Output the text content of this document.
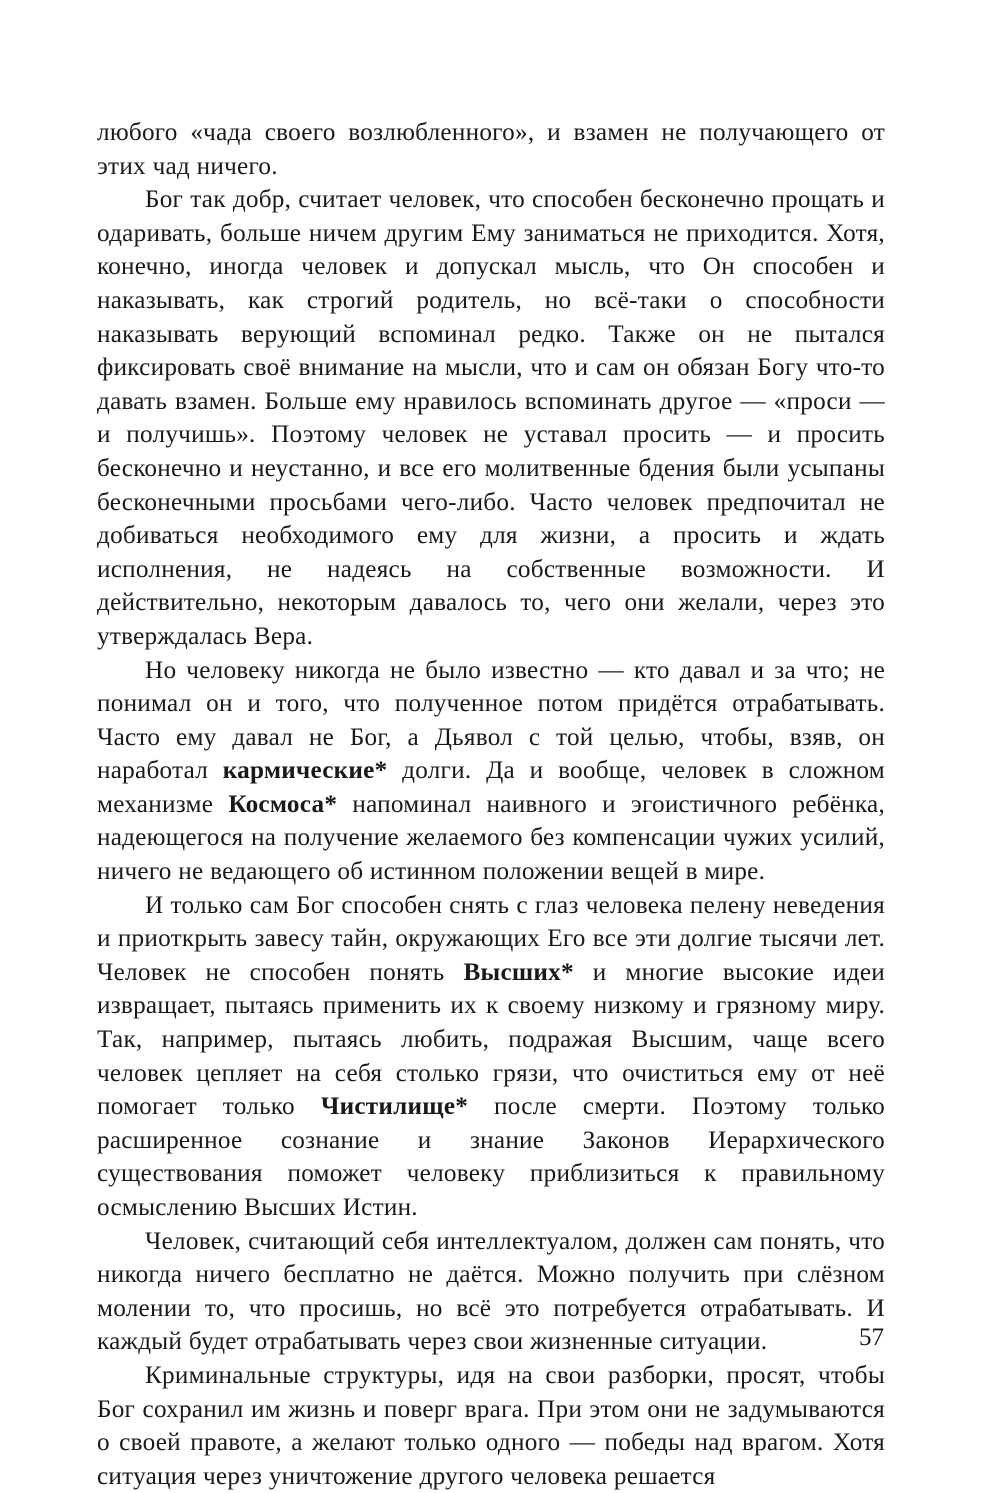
любого «чада своего возлюбленного», и взамен не получающего от этих чад ничего.

Бог так добр, считает человек, что способен бесконечно прощать и одаривать, больше ничем другим Ему заниматься не приходится. Хотя, конечно, иногда человек и допускал мысль, что Он способен и наказывать, как строгий родитель, но всё-таки о способности наказывать верующий вспоминал редко. Также он не пытался фиксировать своё внимание на мысли, что и сам он обязан Богу что-то давать взамен. Больше ему нравилось вспоминать другое — «проси — и получишь». Поэтому человек не уставал просить — и просить бесконечно и неустанно, и все его молитвенные бдения были усыпаны бесконечными просьбами чего-либо. Часто человек предпочитал не добиваться необходимого ему для жизни, а просить и ждать исполнения, не надеясь на собственные возможности. И действительно, некоторым давалось то, чего они желали, через это утверждалась Вера.

Но человеку никогда не было известно — кто давал и за что; не понимал он и того, что полученное потом придётся отрабатывать. Часто ему давал не Бог, а Дьявол с той целью, чтобы, взяв, он наработал кармические* долги. Да и вообще, человек в сложном механизме Космоса* напоминал наивного и эгоистичного ребёнка, надеющегося на получение желаемого без компенсации чужих усилий, ничего не ведающего об истинном положении вещей в мире.

И только сам Бог способен снять с глаз человека пелену неведения и приоткрыть завесу тайн, окружающих Его все эти долгие тысячи лет. Человек не способен понять Высших* и многие высокие идеи извращает, пытаясь применить их к своему низкому и грязному миру. Так, например, пытаясь любить, подражая Высшим, чаще всего человек цепляет на себя столько грязи, что очиститься ему от неё помогает только Чистилище* после смерти. Поэтому только расширенное сознание и знание Законов Иерархического существования поможет человеку приблизиться к правильному осмыслению Высших Истин.

Человек, считающий себя интеллектуалом, должен сам понять, что никогда ничего бесплатно не даётся. Можно получить при слёзном молении то, что просишь, но всё это потребуется отрабатывать. И каждый будет отрабатывать через свои жизненные ситуации.

Криминальные структуры, идя на свои разборки, просят, чтобы Бог сохранил им жизнь и поверг врага. При этом они не задумываются о своей правоте, а желают только одного — победы над врагом. Хотя ситуация через уничтожение другого человека решается

57
